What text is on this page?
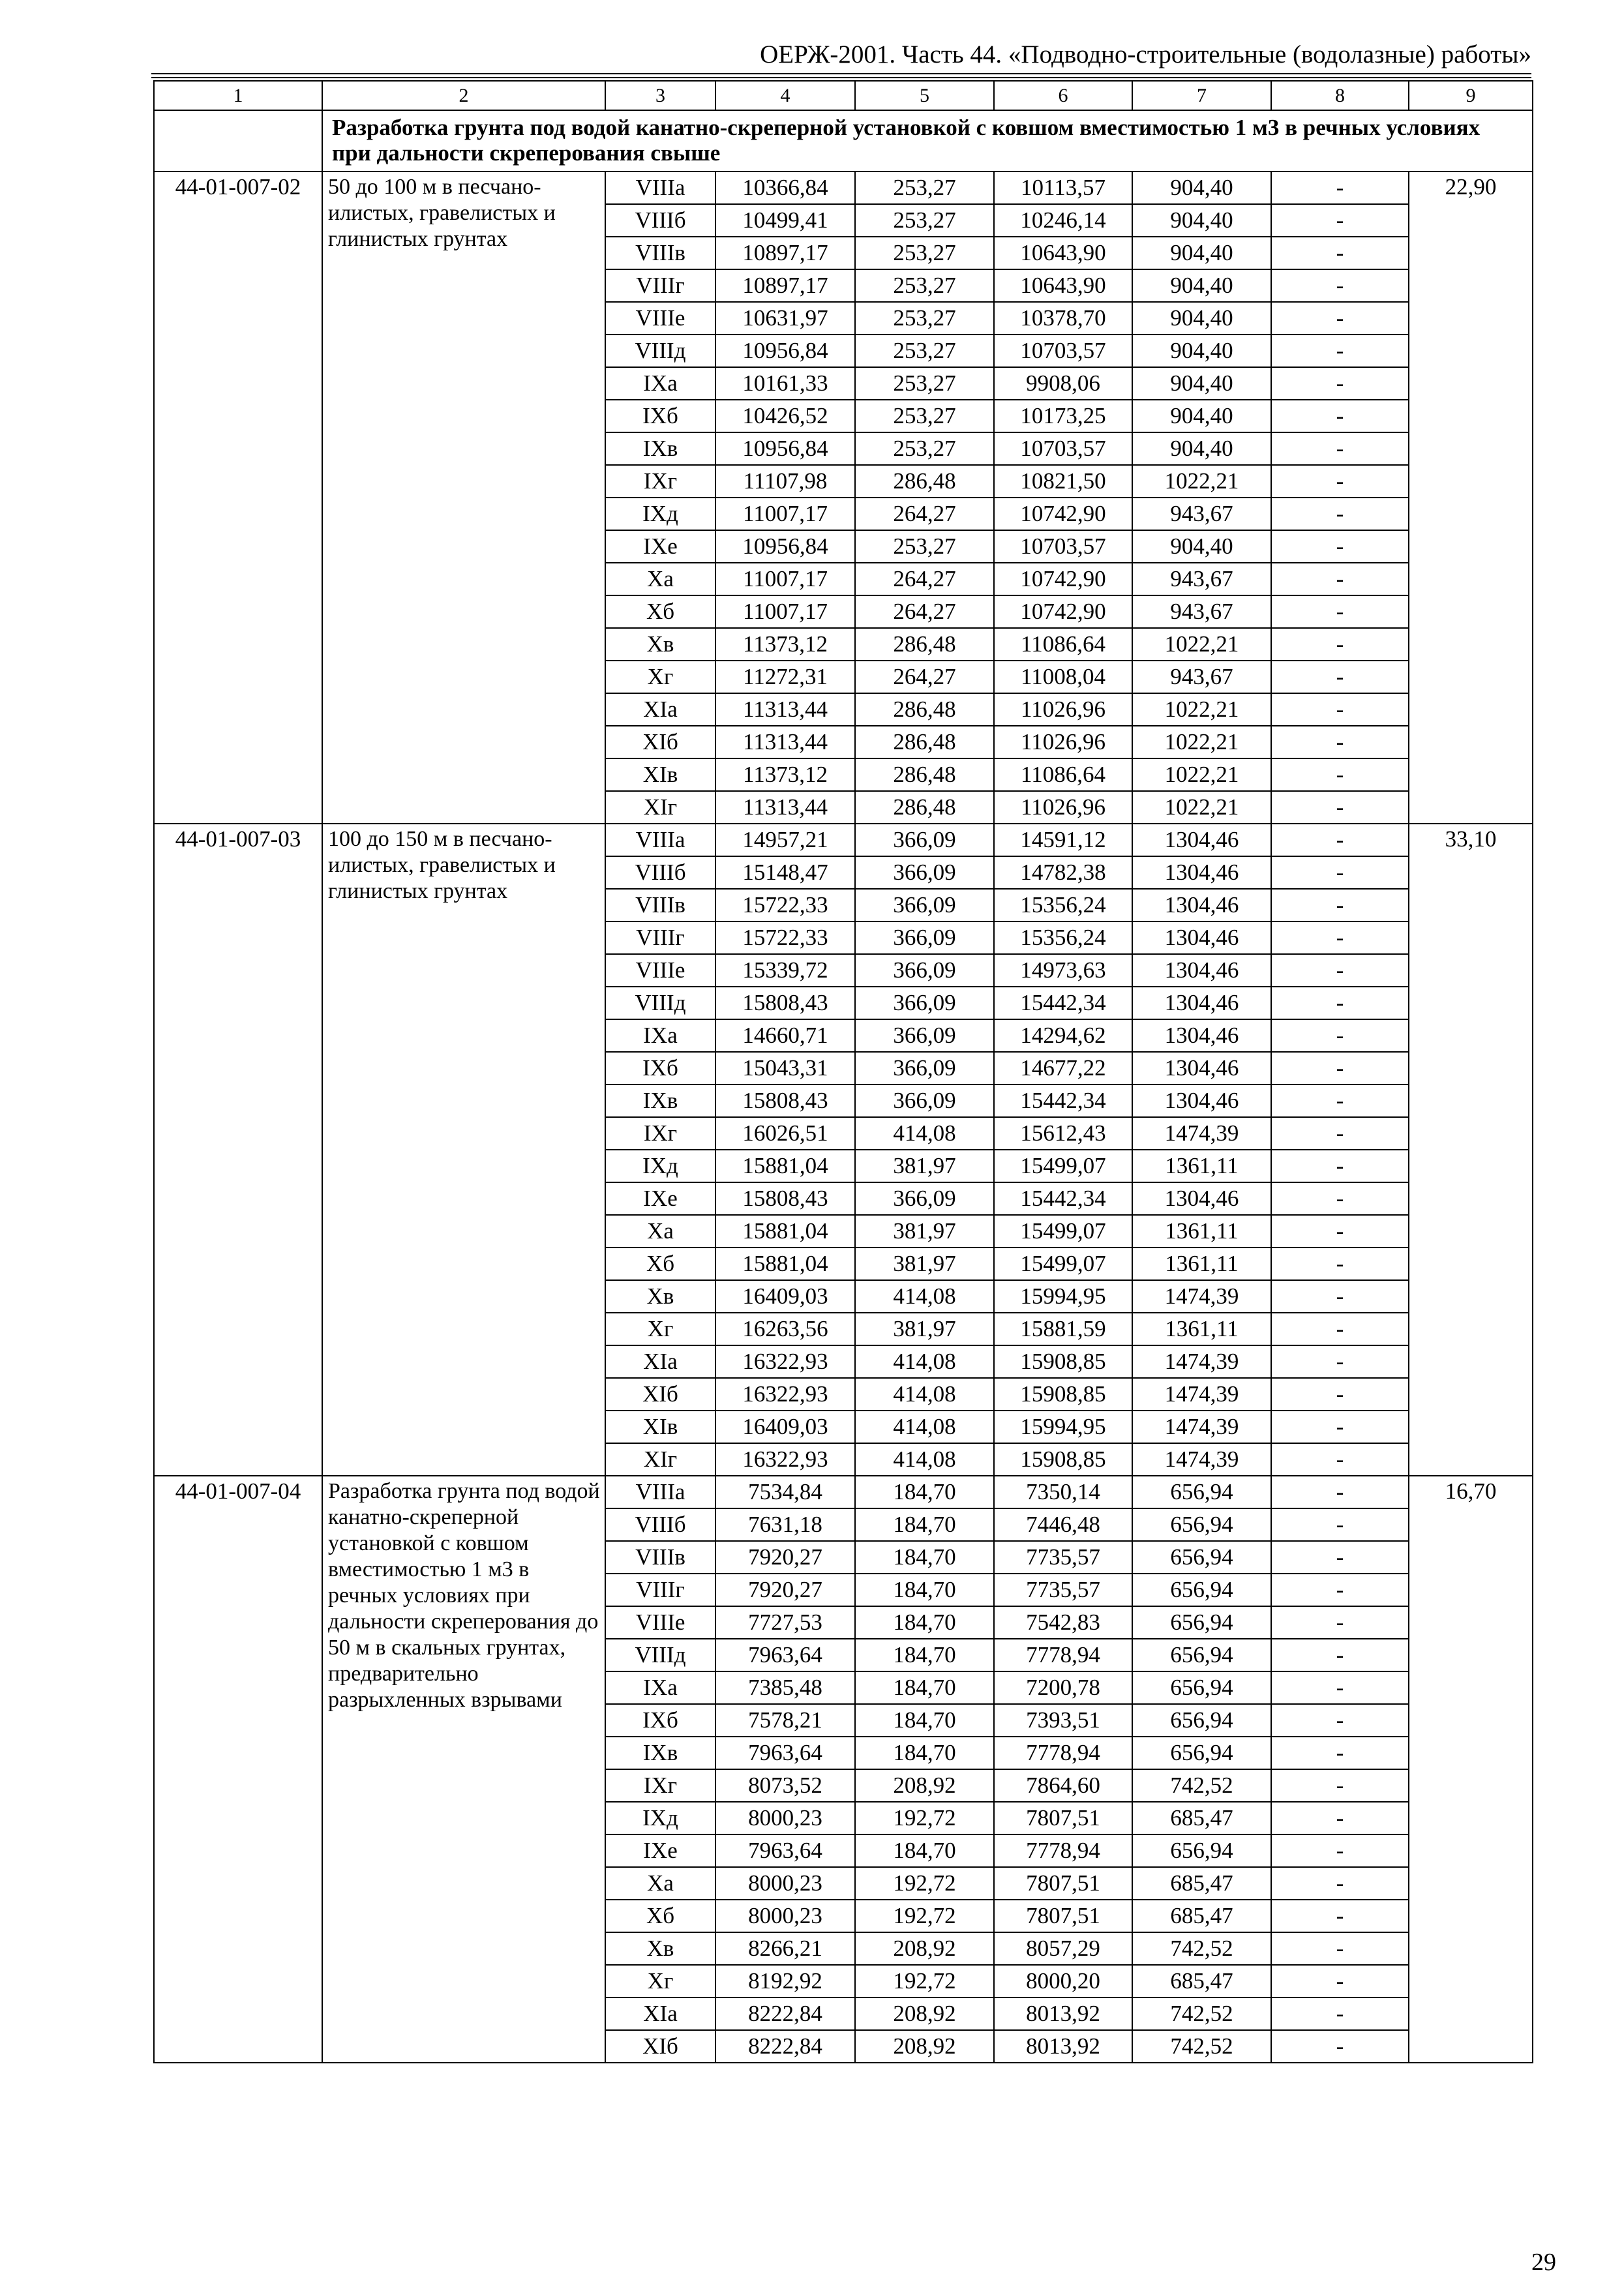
ОЕРЖ-2001. Часть 44. «Подводно-строительные (водолазные) работы»
1	2	3	4	5	6	7	8	9
	Разработка грунта под водой канатно-скреперной установкой с ковшом вместимостью 1 м3 в речных условиях при дальности скреперования свыше							
44-01-007-02	50 до 100 м в песчано-илистых, гравелистых и глинистых грунтах	VIIIа	10366,84	253,27	10113,57	904,40	-	22,90
		VIIIб	10499,41	253,27	10246,14	904,40	-	
		VIIIв	10897,17	253,27	10643,90	904,40	-	
		VIIIг	10897,17	253,27	10643,90	904,40	-	
		VIIIе	10631,97	253,27	10378,70	904,40	-	
		VIIIд	10956,84	253,27	10703,57	904,40	-	
		IXа	10161,33	253,27	9908,06	904,40	-	
		IXб	10426,52	253,27	10173,25	904,40	-	
		IXв	10956,84	253,27	10703,57	904,40	-	
		IXг	11107,98	286,48	10821,50	1022,21	-	
		IXд	11007,17	264,27	10742,90	943,67	-	
		IXе	10956,84	253,27	10703,57	904,40	-	
		Xа	11007,17	264,27	10742,90	943,67	-	
		Xб	11007,17	264,27	10742,90	943,67	-	
		Xв	11373,12	286,48	11086,64	1022,21	-	
		Xг	11272,31	264,27	11008,04	943,67	-	
		XIа	11313,44	286,48	11026,96	1022,21	-	
		XIб	11313,44	286,48	11026,96	1022,21	-	
		XIв	11373,12	286,48	11086,64	1022,21	-	
		XIг	11313,44	286,48	11026,96	1022,21	-	
44-01-007-03	100 до 150 м в песчано-илистых, гравелистых и глинистых грунтах	VIIIа	14957,21	366,09	14591,12	1304,46	-	33,10
		VIIIб	15148,47	366,09	14782,38	1304,46	-	
		VIIIв	15722,33	366,09	15356,24	1304,46	-	
		VIIIг	15722,33	366,09	15356,24	1304,46	-	
		VIIIе	15339,72	366,09	14973,63	1304,46	-	
		VIIIд	15808,43	366,09	15442,34	1304,46	-	
		IXа	14660,71	366,09	14294,62	1304,46	-	
		IXб	15043,31	366,09	14677,22	1304,46	-	
		IXв	15808,43	366,09	15442,34	1304,46	-	
		IXг	16026,51	414,08	15612,43	1474,39	-	
		IXд	15881,04	381,97	15499,07	1361,11	-	
		IXе	15808,43	366,09	15442,34	1304,46	-	
		Xа	15881,04	381,97	15499,07	1361,11	-	
		Xб	15881,04	381,97	15499,07	1361,11	-	
		Xв	16409,03	414,08	15994,95	1474,39	-	
		Xг	16263,56	381,97	15881,59	1361,11	-	
		XIа	16322,93	414,08	15908,85	1474,39	-	
		XIб	16322,93	414,08	15908,85	1474,39	-	
		XIв	16409,03	414,08	15994,95	1474,39	-	
		XIг	16322,93	414,08	15908,85	1474,39	-	
44-01-007-04	Разработка грунта под водой канатно-скреперной установкой с ковшом вместимостью 1 м3 в речных условиях при дальности скреперования до 50 м в скальных грунтах, предварительно разрыхленных взрывами	VIIIа	7534,84	184,70	7350,14	656,94	-	16,70
		VIIIб	7631,18	184,70	7446,48	656,94	-	
		VIIIв	7920,27	184,70	7735,57	656,94	-	
		VIIIг	7920,27	184,70	7735,57	656,94	-	
		VIIIе	7727,53	184,70	7542,83	656,94	-	
		VIIIд	7963,64	184,70	7778,94	656,94	-	
		IXа	7385,48	184,70	7200,78	656,94	-	
		IXб	7578,21	184,70	7393,51	656,94	-	
		IXв	7963,64	184,70	7778,94	656,94	-	
		IXг	8073,52	208,92	7864,60	742,52	-	
		IXд	8000,23	192,72	7807,51	685,47	-	
		IXе	7963,64	184,70	7778,94	656,94	-	
		Xа	8000,23	192,72	7807,51	685,47	-	
		Xб	8000,23	192,72	7807,51	685,47	-	
		Xв	8266,21	208,92	8057,29	742,52	-	
		Xг	8192,92	192,72	8000,20	685,47	-	
		XIа	8222,84	208,92	8013,92	742,52	-	
		XIб	8222,84	208,92	8013,92	742,52	-	
29
